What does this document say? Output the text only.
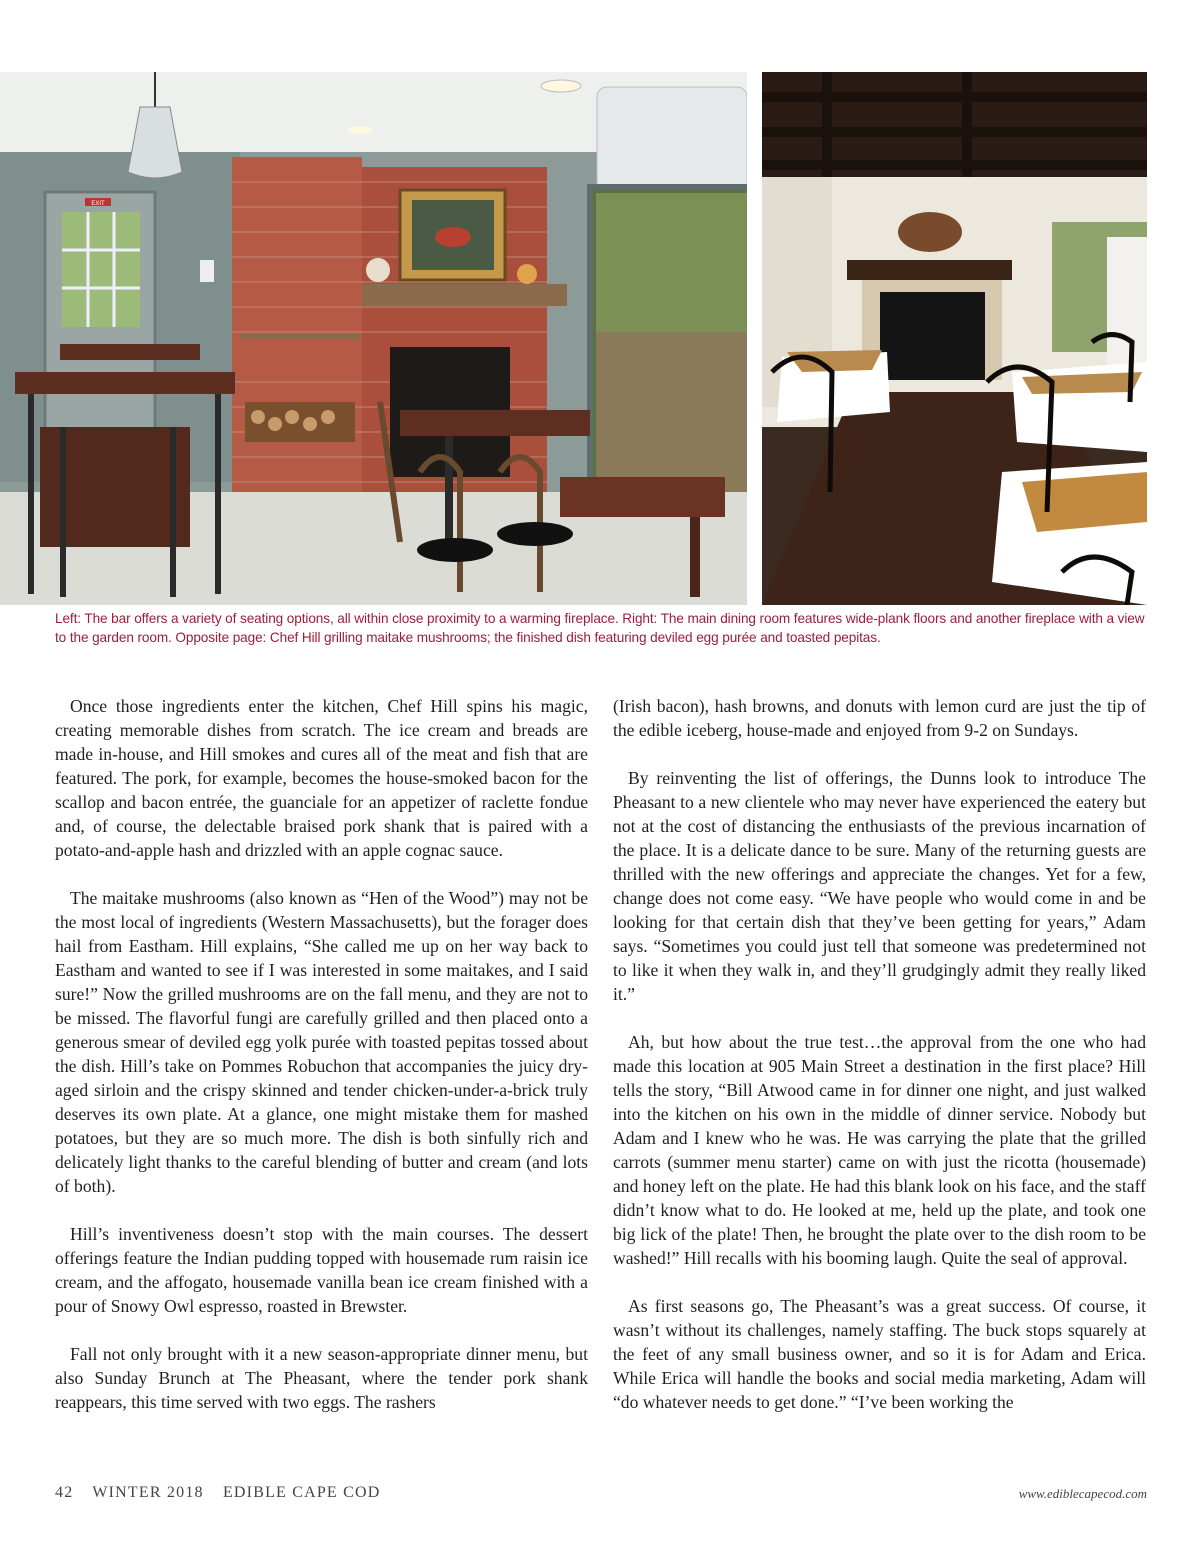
EXIT
Left: The bar offers a variety of seating options, all within close proximity to a warming fireplace. Right: The main dining room features wide-plank floors and another fireplace with a view to the garden room. Opposite page: Chef Hill grilling maitake mushrooms; the finished dish featuring deviled egg purée and toasted pepitas.

Once those ingredients enter the kitchen, Chef Hill spins his magic, creating memorable dishes from scratch. The ice cream and breads are made in-house, and Hill smokes and cures all of the meat and fish that are featured. The pork, for example, becomes the house-smoked bacon for the scallop and bacon entrée, the guanciale for an appetizer of raclette fondue and, of course, the delectable braised pork shank that is paired with a potato-and-apple hash and drizzled with an apple cognac sauce.

The maitake mushrooms (also known as “Hen of the Wood”) may not be the most local of ingredients (Western Massachusetts), but the forager does hail from Eastham. Hill explains, “She called me up on her way back to Eastham and wanted to see if I was interested in some maitakes, and I said sure!” Now the grilled mushrooms are on the fall menu, and they are not to be missed. The flavorful fungi are carefully grilled and then placed onto a generous smear of deviled egg yolk purée with toasted pepitas tossed about the dish. Hill’s take on Pommes Robuchon that accompanies the juicy dry-aged sirloin and the crispy skinned and tender chicken-under-a-brick truly deserves its own plate. At a glance, one might mistake them for mashed potatoes, but they are so much more. The dish is both sinfully rich and delicately light thanks to the careful blending of butter and cream (and lots of both).

Hill’s inventiveness doesn’t stop with the main courses. The dessert offerings feature the Indian pudding topped with housemade rum raisin ice cream, and the affogato, housemade vanilla bean ice cream finished with a pour of Snowy Owl espresso, roasted in Brewster.

Fall not only brought with it a new season-appropriate dinner menu, but also Sunday Brunch at The Pheasant, where the tender pork shank reappears, this time served with two eggs. The rashers

(Irish bacon), hash browns, and donuts with lemon curd are just the tip of the edible iceberg, house-made and enjoyed from 9-2 on Sundays.

By reinventing the list of offerings, the Dunns look to introduce The Pheasant to a new clientele who may never have experienced the eatery but not at the cost of distancing the enthusiasts of the previous incarnation of the place. It is a delicate dance to be sure. Many of the returning guests are thrilled with the new offerings and appreciate the changes. Yet for a few, change does not come easy. “We have people who would come in and be looking for that certain dish that they’ve been getting for years,” Adam says. “Sometimes you could just tell that someone was predetermined not to like it when they walk in, and they’ll grudgingly admit they really liked it.”

Ah, but how about the true test…the approval from the one who had made this location at 905 Main Street a destination in the first place? Hill tells the story, “Bill Atwood came in for dinner one night, and just walked into the kitchen on his own in the middle of dinner service. Nobody but Adam and I knew who he was. He was carrying the plate that the grilled carrots (summer menu starter) came on with just the ricotta (housemade) and honey left on the plate. He had this blank look on his face, and the staff didn’t know what to do. He looked at me, held up the plate, and took one big lick of the plate! Then, he brought the plate over to the dish room to be washed!” Hill recalls with his booming laugh. Quite the seal of approval.

As first seasons go, The Pheasant’s was a great success. Of course, it wasn’t without its challenges, namely staffing. The buck stops squarely at the feet of any small business owner, and so it is for Adam and Erica. While Erica will handle the books and social media marketing, Adam will “do whatever needs to get done.” “I’ve been working the

42 WINTER 2018 EDIBLE CAPE COD	www.ediblecapecod.com
